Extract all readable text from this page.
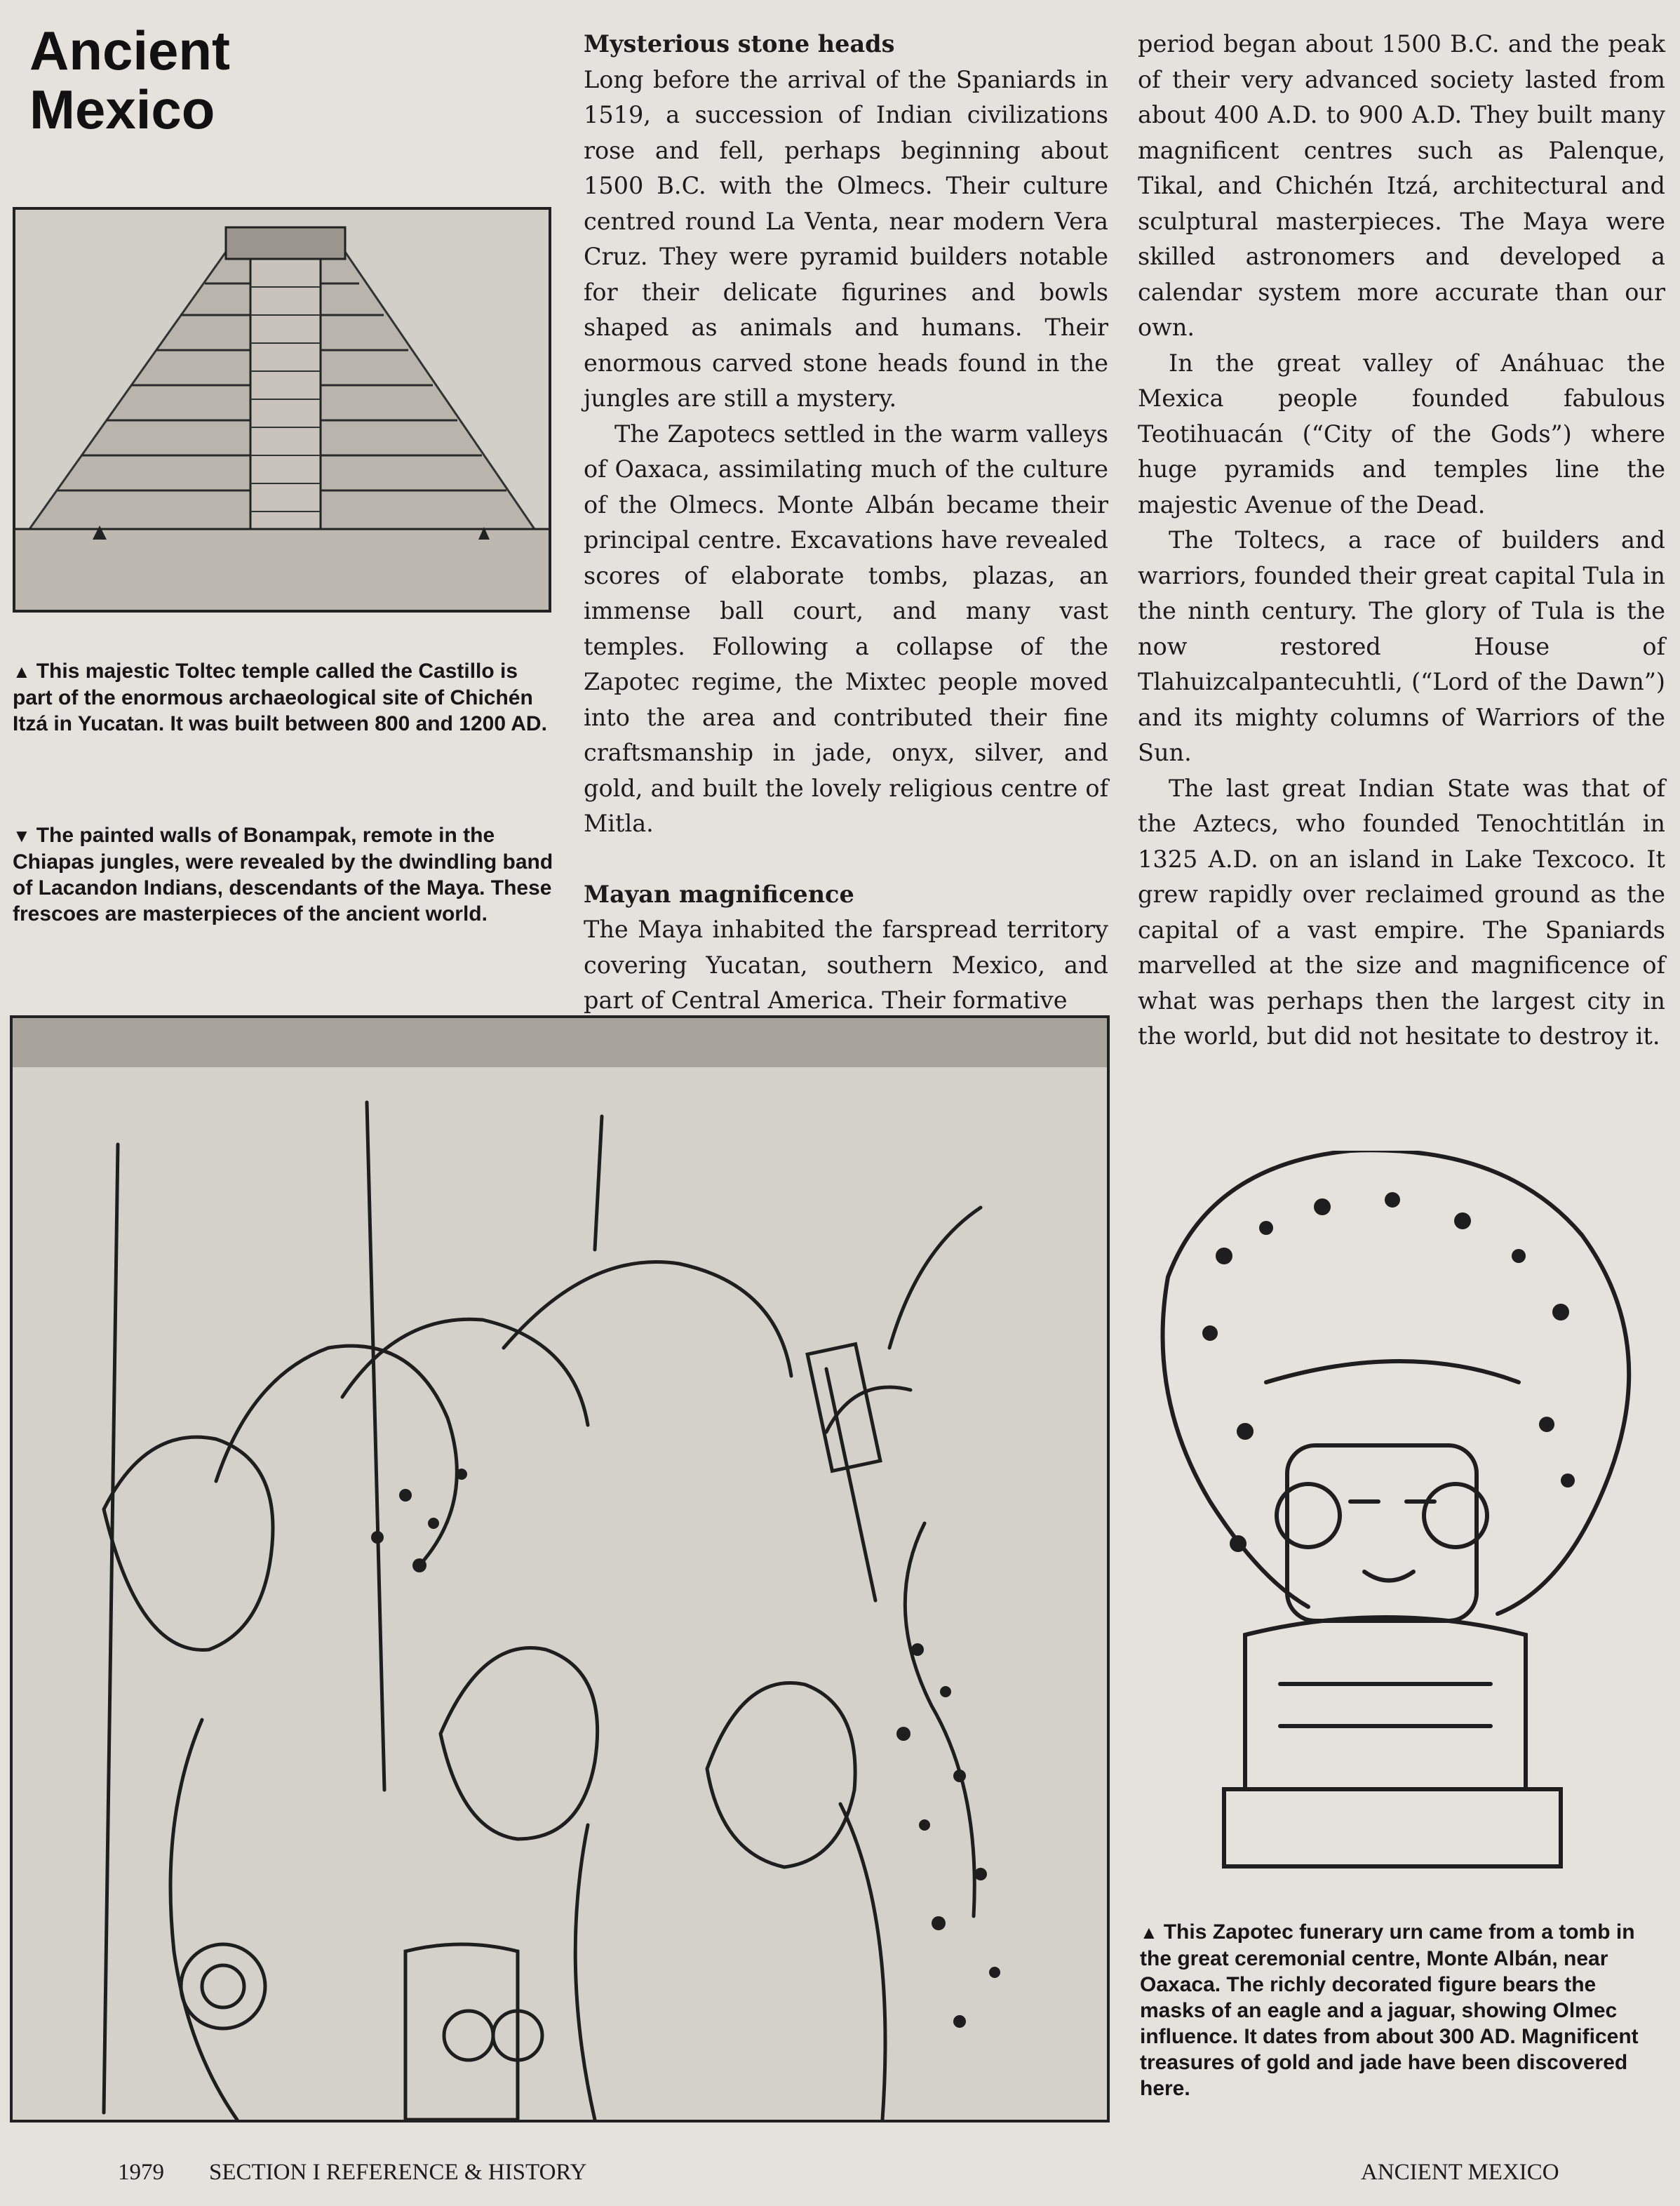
Ancient
Mexico
▲ This majestic Toltec temple called the Castillo is part of the enormous archaeological site of Chichén Itzá in Yucatan. It was built between 800 and 1200 AD.
▼ The painted walls of Bonampak, remote in the Chiapas jungles, were revealed by the dwindling band of Lacandon Indians, descendants of the Maya. These frescoes are masterpieces of the ancient world.
Mysterious stone heads

Long before the arrival of the Spaniards in 1519, a succession of Indian civilizations rose and fell, perhaps beginning about 1500 B.C. with the Olmecs. Their culture centred round La Venta, near modern Vera Cruz. They were pyramid builders notable for their delicate figurines and bowls shaped as animals and humans. Their enormous carved stone heads found in the jungles are still a mystery.

The Zapotecs settled in the warm valleys of Oaxaca, assimilating much of the culture of the Olmecs. Monte Albán became their principal centre. Excavations have revealed scores of elaborate tombs, plazas, an immense ball court, and many vast temples. Following a collapse of the Zapotec regime, the Mixtec people moved into the area and contributed their fine craftsmanship in jade, onyx, silver, and gold, and built the lovely religious centre of Mitla.

Mayan magnificence

The Maya inhabited the farspread territory covering Yucatan, southern Mexico, and part of Central America. Their formative

period began about 1500 B.C. and the peak of their very advanced society lasted from about 400 A.D. to 900 A.D. They built many magnificent centres such as Palenque, Tikal, and Chichén Itzá, architectural and sculptural masterpieces. The Maya were skilled astronomers and developed a calendar system more accurate than our own.

In the great valley of Anáhuac the Mexica people founded fabulous Teotihuacán (“City of the Gods”) where huge pyramids and temples line the majestic Avenue of the Dead.

The Toltecs, a race of builders and warriors, founded their great capital Tula in the ninth century. The glory of Tula is the now restored House of Tlahuizcalpantecuhtli, (“Lord of the Dawn”) and its mighty columns of Warriors of the Sun.

The last great Indian State was that of the Aztecs, who founded Tenochtitlán in 1325 A.D. on an island in Lake Texcoco. It grew rapidly over reclaimed ground as the capital of a vast empire. The Spaniards marvelled at the size and magnificence of what was perhaps then the largest city in the world, but did not hesitate to destroy it.

▲ This Zapotec funerary urn came from a tomb in the great ceremonial centre, Monte Albán, near Oaxaca. The richly decorated figure bears the masks of an eagle and a jaguar, showing Olmec influence. It dates from about 300 AD. Magnificent treasures of gold and jade have been discovered here.
1979 SECTION I REFERENCE & HISTORY	ANCIENT MEXICO
